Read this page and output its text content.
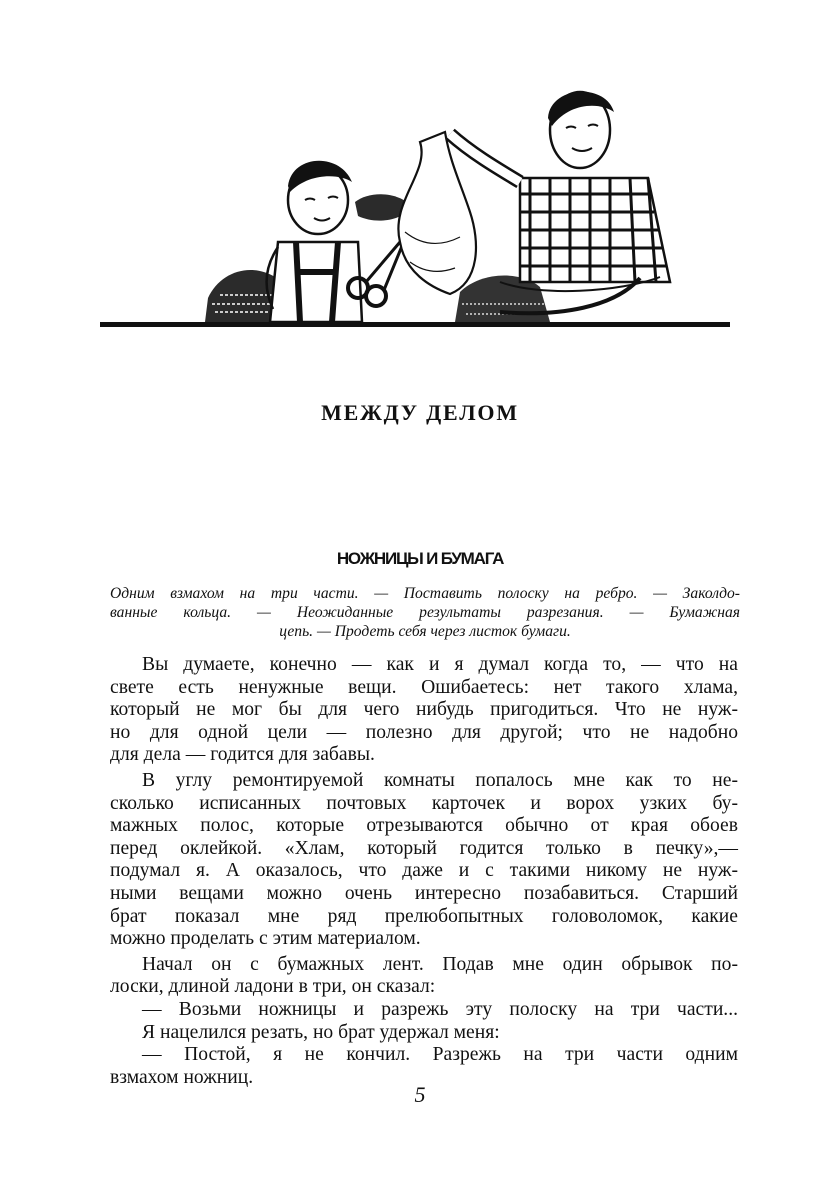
МЕЖДУ ДЕЛОМ
НОЖНИЦЫ И БУМАГА
Одним взмахом на три части. — Поставить полоску на ребро. — Заколдо-
ванные кольца. — Неожиданные результаты разрезания. — Бумажная
цепь. — Продеть себя через листок бумаги.
Вы думаете, конечно — как и я думал когда то, — что на
свете есть ненужные вещи. Ошибаетесь: нет такого хлама,
который не мог бы для чего нибудь пригодиться. Что не нуж-
но для одной цели — полезно для другой; что не надобно
для дела — годится для забавы.
В углу ремонтируемой комнаты попалось мне как то не-
сколько исписанных почтовых карточек и ворох узких бу-
мажных полос, которые отрезываются обычно от края обоев
перед оклейкой. «Хлам, который годится только в печку»,—
подумал я. А оказалось, что даже и с такими никому не нуж-
ными вещами можно очень интересно позабавиться. Старший
брат показал мне ряд прелюбопытных головоломок, какие
можно проделать с этим материалом.
Начал он с бумажных лент. Подав мне один обрывок по-
лоски, длиной ладони в три, он сказал:
— Возьми ножницы и разрежь эту полоску на три части...
Я нацелился резать, но брат удержал меня:
— Постой, я не кончил. Разрежь на три части одним
взмахом ножниц.

5
